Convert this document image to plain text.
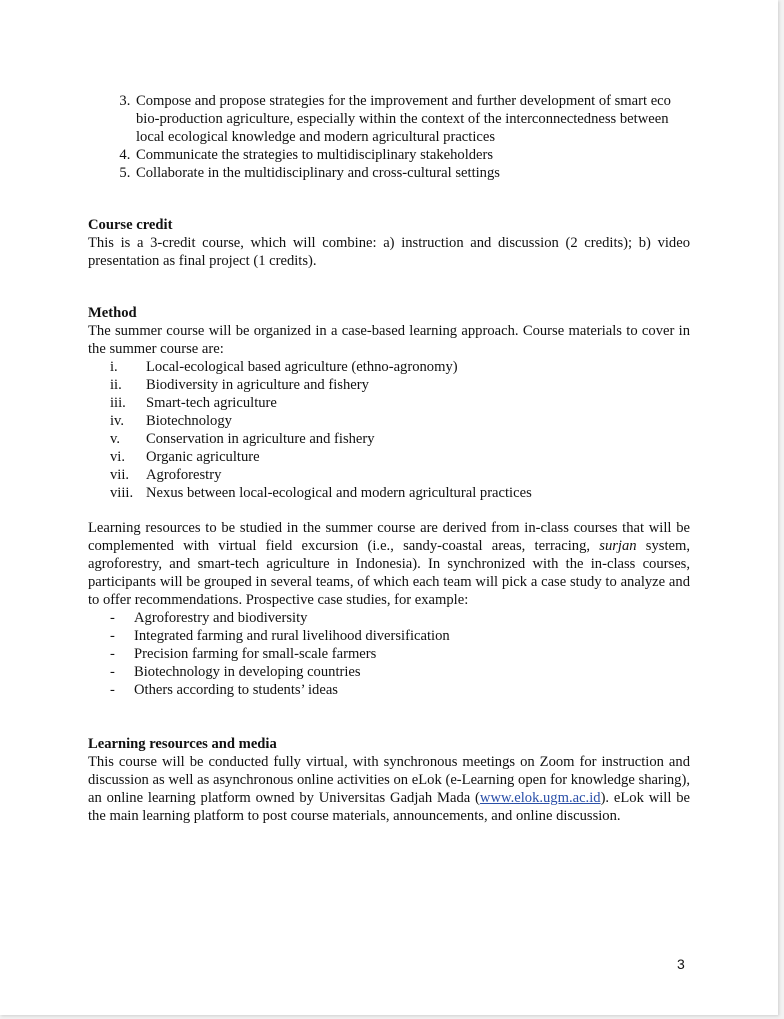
3. Compose and propose strategies for the improvement and further development of smart eco bio-production agriculture, especially within the context of the interconnectedness between local ecological knowledge and modern agricultural practices
4. Communicate the strategies to multidisciplinary stakeholders
5. Collaborate in the multidisciplinary and cross-cultural settings

Course credit

This is a 3-credit course, which will combine: a) instruction and discussion (2 credits); b) video presentation as final project (1 credits).

Method

The summer course will be organized in a case-based learning approach. Course materials to cover in the summer course are:

i.	Local-ecological based agriculture (ethno-agronomy)
ii.	Biodiversity in agriculture and fishery
iii.	Smart-tech agriculture
iv.	Biotechnology
v.	Conservation in agriculture and fishery
vi.	Organic agriculture
vii.	Agroforestry
viii. Nexus between local-ecological and modern agricultural practices

Learning resources to be studied in the summer course are derived from in-class courses that will be complemented with virtual field excursion (i.e., sandy-coastal areas, terracing, surjan system, agroforestry, and smart-tech agriculture in Indonesia). In synchronized with the in-class courses, participants will be grouped in several teams, of which each team will pick a case study to analyze and to offer recommendations. Prospective case studies, for example:

-	Agroforestry and biodiversity
-	Integrated farming and rural livelihood diversification
-	Precision farming for small-scale farmers
-	Biotechnology in developing countries
-	Others according to students’ ideas

Learning resources and media

This course will be conducted fully virtual, with synchronous meetings on Zoom for instruction and discussion as well as asynchronous online activities on eLok (e-Learning open for knowledge sharing), an online learning platform owned by Universitas Gadjah Mada (www.elok.ugm.ac.id). eLok will be the main learning platform to post course materials, announcements, and online discussion.

3
